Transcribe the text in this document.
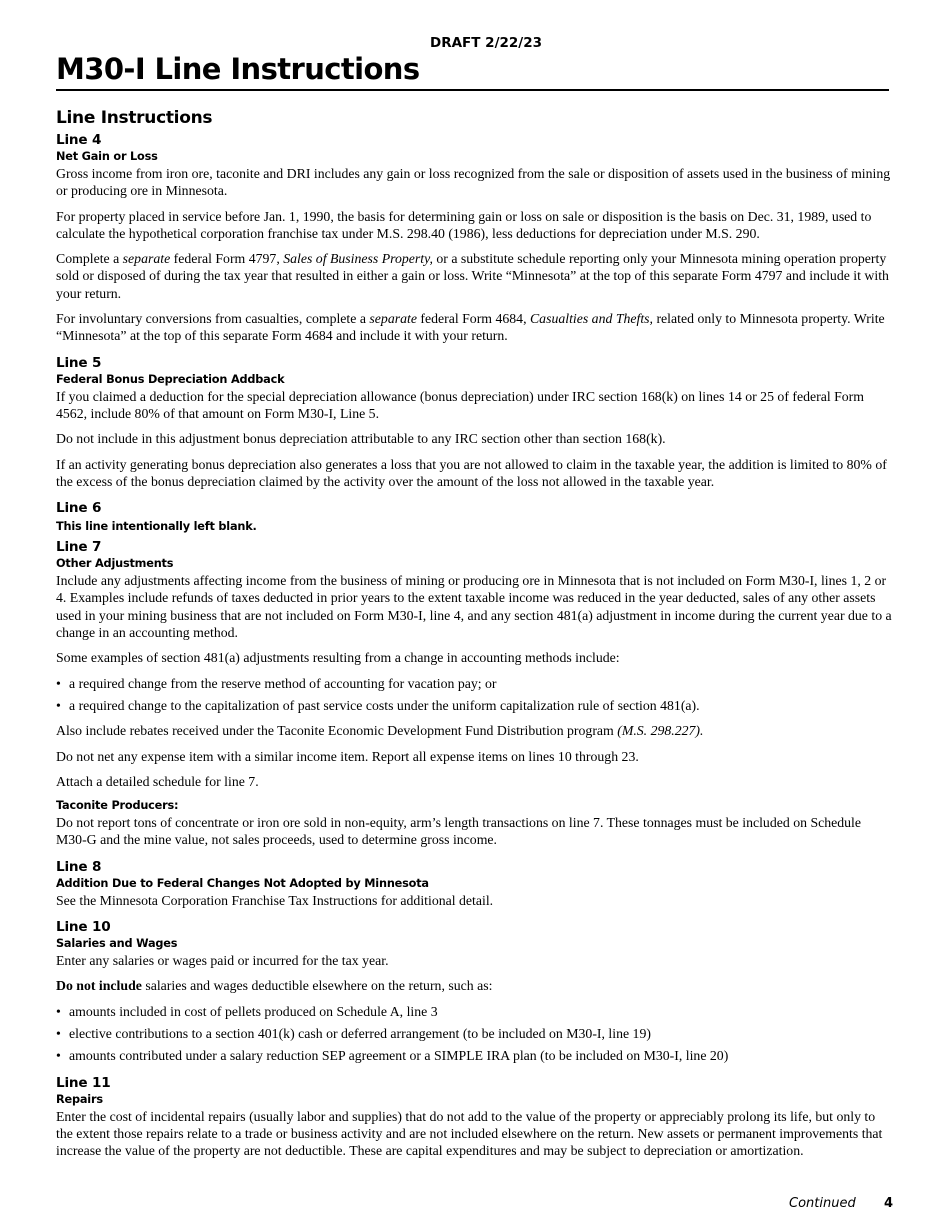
DRAFT 2/22/23
M30-I Line Instructions
Line Instructions
Line 4
Net Gain or Loss

Gross income from iron ore, taconite and DRI includes any gain or loss recognized from the sale or disposition of assets used in the business of mining or producing ore in Minnesota.

For property placed in service before Jan. 1, 1990, the basis for determining gain or loss on sale or disposition is the basis on Dec. 31, 1989, used to calculate the hypothetical corporation franchise tax under M.S. 298.40 (1986), less deductions for depreciation under M.S. 290.

Complete a separate federal Form 4797, Sales of Business Property, or a substitute schedule reporting only your Minnesota mining operation property sold or disposed of during the tax year that resulted in either a gain or loss. Write “Minnesota” at the top of this separate Form 4797 and include it with your return.

For involuntary conversions from casualties, complete a separate federal Form 4684, Casualties and Thefts, related only to Minnesota property. Write “Minnesota” at the top of this separate Form 4684 and include it with your return.

Line 5
Federal Bonus Depreciation Addback

If you claimed a deduction for the special depreciation allowance (bonus depreciation) under IRC section 168(k) on lines 14 or 25 of federal Form 4562, include 80% of that amount on Form M30-I, Line 5.

Do not include in this adjustment bonus depreciation attributable to any IRC section other than section 168(k).

If an activity generating bonus depreciation also generates a loss that you are not allowed to claim in the taxable year, the addition is limited to 80% of the excess of the bonus depreciation claimed by the activity over the amount of the loss not allowed in the taxable year.

Line 6
This line intentionally left blank.
Line 7
Other Adjustments

Include any adjustments affecting income from the business of mining or producing ore in Minnesota that is not included on Form M30-I, lines 1, 2 or 4. Examples include refunds of taxes deducted in prior years to the extent taxable income was reduced in the year deducted, sales of any other assets used in your mining business that are not included on Form M30-I, line 4, and any section 481(a) adjustment in income during the current year due to a change in an accounting method.

Some examples of section 481(a) adjustments resulting from a change in accounting methods include:

• a required change from the reserve method of accounting for vacation pay; or
• a required change to the capitalization of past service costs under the uniform capitalization rule of section 481(a).

Also include rebates received under the Taconite Economic Development Fund Distribution program (M.S. 298.227).

Do not net any expense item with a similar income item. Report all expense items on lines 10 through 23.

Attach a detailed schedule for line 7.

Taconite Producers:

Do not report tons of concentrate or iron ore sold in non-equity, arm’s length transactions on line 7. These tonnages must be included on Schedule M30-G and the mine value, not sales proceeds, used to determine gross income.

Line 8
Addition Due to Federal Changes Not Adopted by Minnesota

See the Minnesota Corporation Franchise Tax Instructions for additional detail.

Line 10
Salaries and Wages

Enter any salaries or wages paid or incurred for the tax year.

Do not include salaries and wages deductible elsewhere on the return, such as:

• amounts included in cost of pellets produced on Schedule A, line 3
• elective contributions to a section 401(k) cash or deferred arrangement (to be included on M30-I, line 19)
• amounts contributed under a salary reduction SEP agreement or a SIMPLE IRA plan (to be included on M30-I, line 20)
Line 11
Repairs

Enter the cost of incidental repairs (usually labor and supplies) that do not add to the value of the property or appreciably prolong its life, but only to the extent those repairs relate to a trade or business activity and are not included elsewhere on the return. New assets or permanent improvements that increase the value of the property are not deductible. These are capital expenditures and may be subject to depreciation or amortization.

Continued 4
